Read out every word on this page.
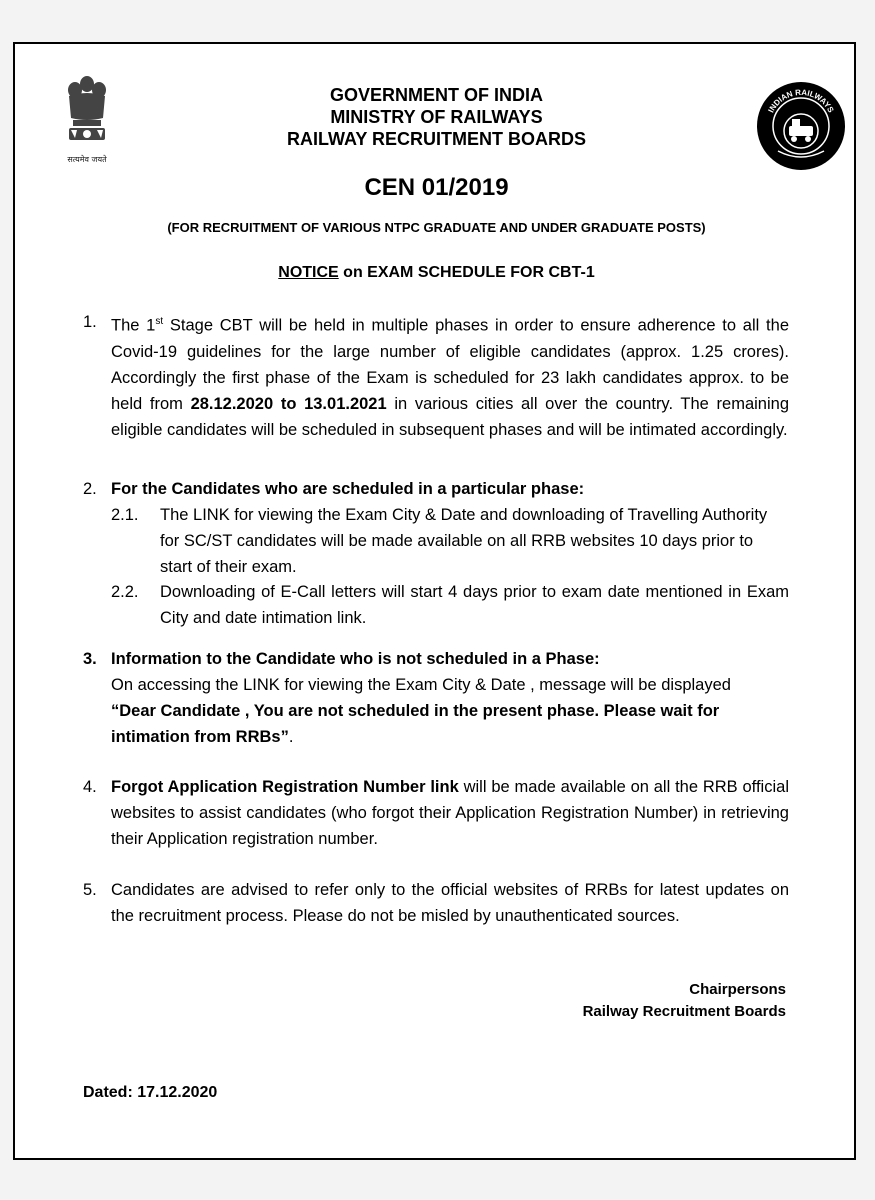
सत्यमेव जयते
INDIAN RAILWAYS
GOVERNMENT OF INDIA
MINISTRY OF RAILWAYS
RAILWAY RECRUITMENT BOARDS
CEN 01/2019
(FOR RECRUITMENT OF VARIOUS NTPC GRADUATE AND UNDER GRADUATE POSTS)
NOTICE on EXAM SCHEDULE FOR CBT-1
1. The 1st Stage CBT will be held in multiple phases in order to ensure adherence to all the Covid-19 guidelines for the large number of eligible candidates (approx. 1.25 crores). Accordingly the first phase of the Exam is scheduled for 23 lakh candidates approx. to be held from 28.12.2020 to 13.01.2021 in various cities all over the country. The remaining eligible candidates will be scheduled in subsequent phases and will be intimated accordingly.
2. For the Candidates who are scheduled in a particular phase:
2.1. The LINK for viewing the Exam City & Date and downloading of Travelling Authority for SC/ST candidates will be made available on all RRB websites 10 days prior to start of their exam.
2.2. Downloading of E-Call letters will start 4 days prior to exam date mentioned in Exam City and date intimation link.
3. Information to the Candidate who is not scheduled in a Phase:
On accessing the LINK for viewing the Exam City & Date , message will be displayed “Dear Candidate , You are not scheduled in the present phase. Please wait for intimation from RRBs”.
4. Forgot Application Registration Number link will be made available on all the RRB official websites to assist candidates (who forgot their Application Registration Number) in retrieving their Application registration number.
5. Candidates are advised to refer only to the official websites of RRBs for latest updates on the recruitment process. Please do not be misled by unauthenticated sources.
Chairpersons
Railway Recruitment Boards
Dated: 17.12.2020
